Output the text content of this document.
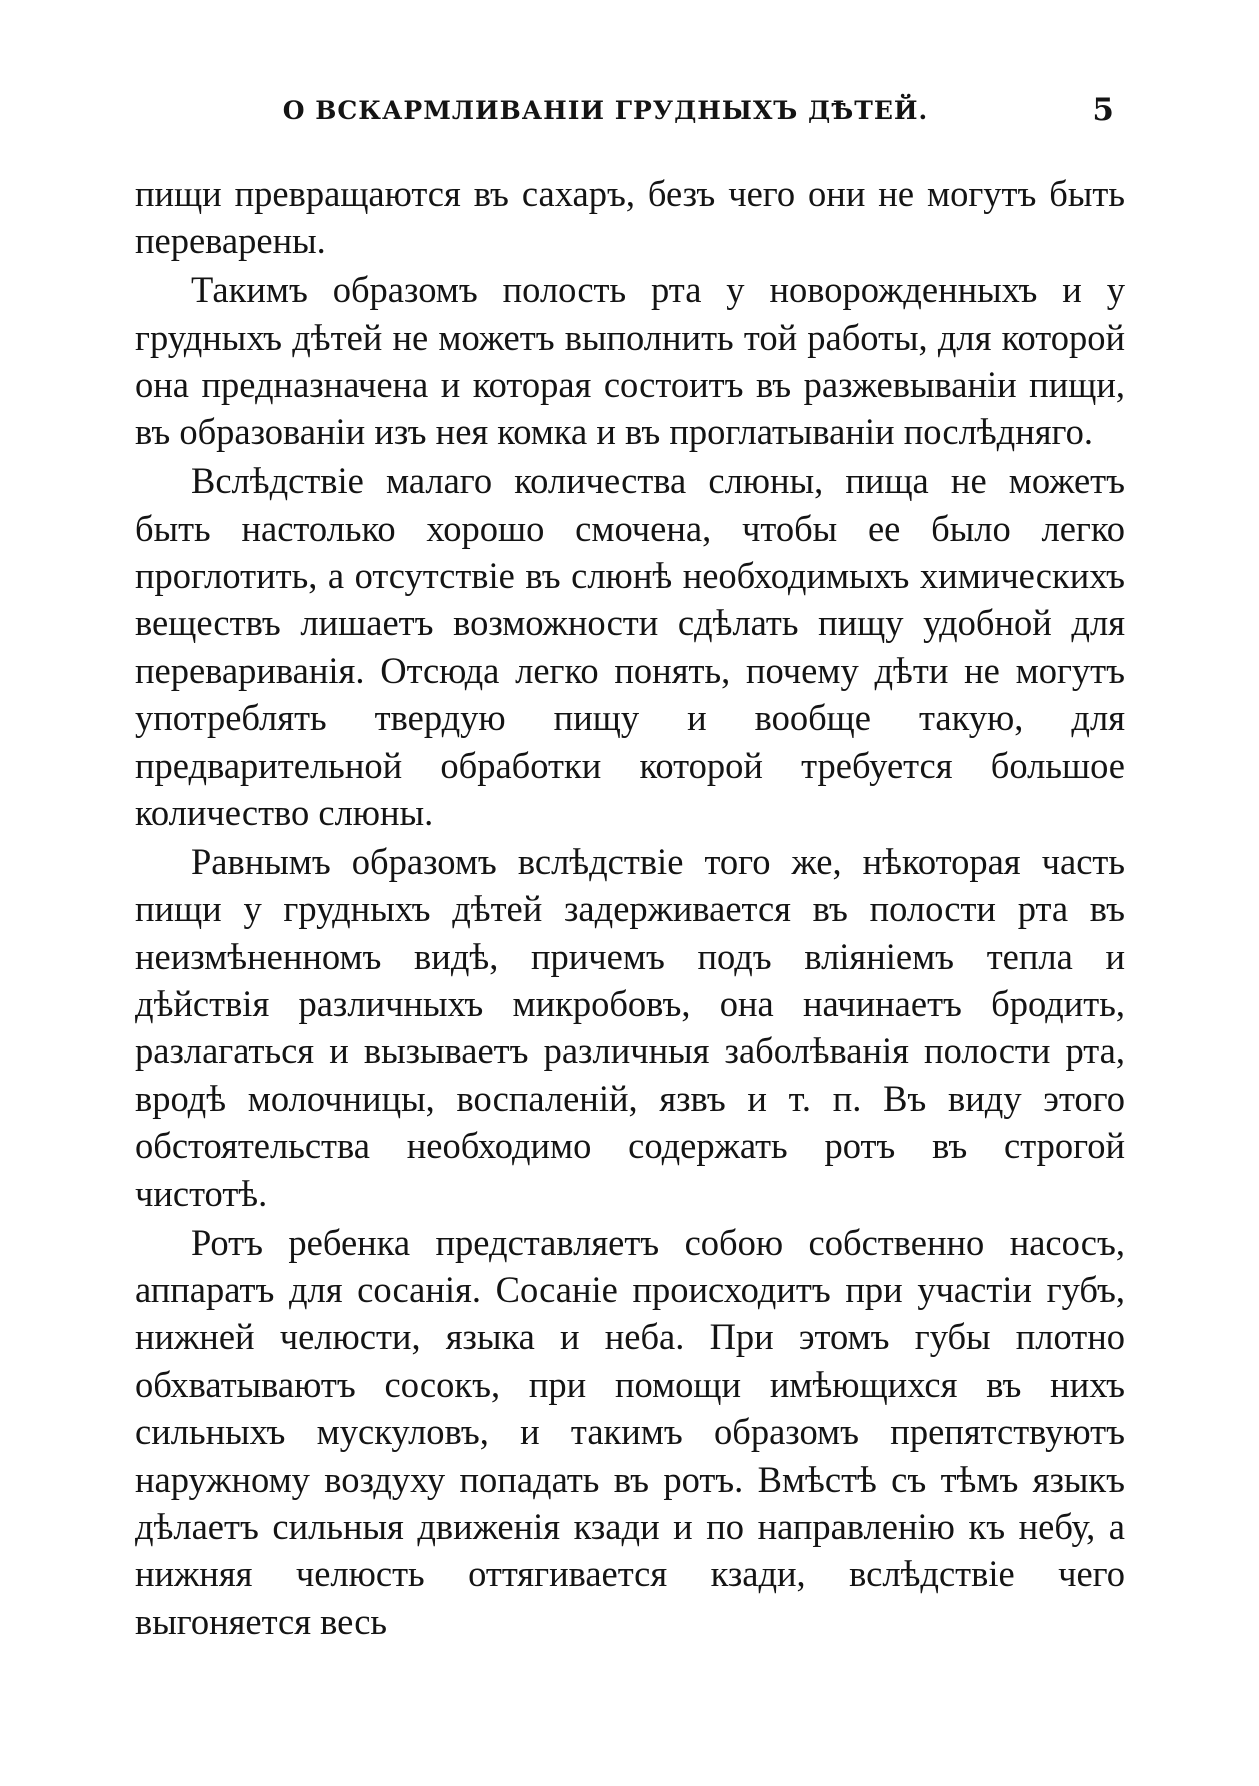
О ВСКАРМЛИВАНІИ ГРУДНЫХЪ ДѢТЕЙ.	5

пищи превращаются въ сахаръ, безъ чего они не могутъ быть переварены.

Такимъ образомъ полость рта у новорожденныхъ и у грудныхъ дѣтей не можетъ выполнить той работы, для которой она предназначена и которая состоитъ въ разжевываніи пищи, въ образованіи изъ нея комка и въ проглатываніи послѣдняго.

Вслѣдствіе малаго количества слюны, пища не можетъ быть настолько хорошо смочена, чтобы ее было легко проглотить, а отсутствіе въ слюнѣ необходимыхъ химическихъ веществъ лишаетъ возможности сдѣлать пищу удобной для перевариванія. Отсюда легко понять, почему дѣти не могутъ употреблять твердую пищу и вообще такую, для предварительной обработки которой требуется большое количество слюны.

Равнымъ образомъ вслѣдствіе того же, нѣкоторая часть пищи у грудныхъ дѣтей задерживается въ полости рта въ неизмѣненномъ видѣ, причемъ подъ вліяніемъ тепла и дѣйствія различныхъ микробовъ, она начинаетъ бродить, разлагаться и вызываетъ различныя заболѣванія полости рта, вродѣ молочницы, воспаленій, язвъ и т. п. Въ виду этого обстоятельства необходимо содержать ротъ въ строгой чистотѣ.

Ротъ ребенка представляетъ собою собственно насосъ, аппаратъ для сосанія. Сосаніе происходитъ при участіи губъ, нижней челюсти, языка и неба. При этомъ губы плотно обхватываютъ сосокъ, при помощи имѣющихся въ нихъ сильныхъ мускуловъ, и такимъ образомъ препятствуютъ наружному воздуху попадать въ ротъ. Вмѣстѣ съ тѣмъ языкъ дѣлаетъ сильныя движенія кзади и по направленію къ небу, а нижняя челюсть оттягивается кзади, вслѣдствіе чего выгоняется весь
